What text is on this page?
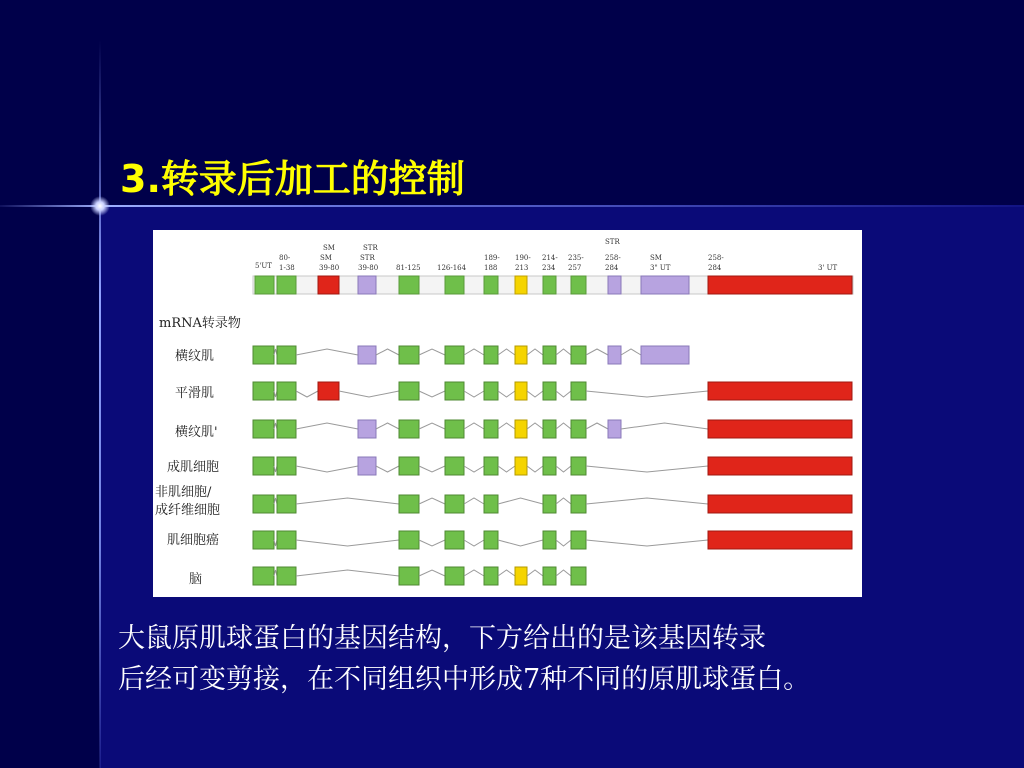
3.转录后加工的控制
SM	STR
STR
5'UT
80-	SM	STR	189- 190- 214- 235-	258-	SM	258-
3' UT
1-38	39-80	39-80	81-125 126-164	188	213 234 257	284	3" UT	284
mRNA转录物
横纹肌
平滑肌
横纹肌'
成肌细胞
非肌细胞/
成纤维细胞
肌细胞癌
脑
大鼠原肌球蛋白的基因结构，下方给出的是该基因转录
后经可变剪接，在不同组织中形成7种不同的原肌球蛋白。
